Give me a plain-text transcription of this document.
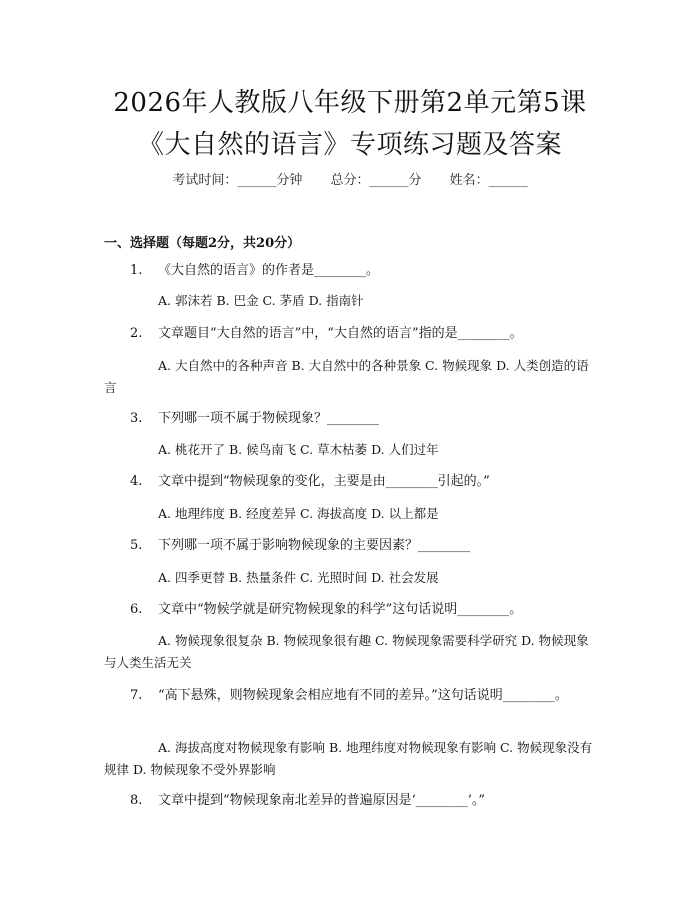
2026年人教版八年级下册第2单元第5课
《大自然的语言》专项练习题及答案
考试时间：______分钟 总分：______分 姓名：______
一、选择题（每题2分，共20分）
1. 《大自然的语言》的作者是________。
A. 郭沫若 B. 巴金 C. 茅盾 D. 指南针
2. 文章题目“大自然的语言”中，“大自然的语言”指的是________。
A. 大自然中的各种声音 B. 大自然中的各种景象 C. 物候现象 D. 人类创造的语言
3. 下列哪一项不属于物候现象？________
A. 桃花开了 B. 候鸟南飞 C. 草木枯萎 D. 人们过年
4. 文章中提到“物候现象的变化，主要是由________引起的。”
A. 地理纬度 B. 经度差异 C. 海拔高度 D. 以上都是
5. 下列哪一项不属于影响物候现象的主要因素？________
A. 四季更替 B. 热量条件 C. 光照时间 D. 社会发展
6. 文章中“物候学就是研究物候现象的科学”这句话说明________。
A. 物候现象很复杂 B. 物候现象很有趣 C. 物候现象需要科学研究 D. 物候现象与人类生活无关
7. “高下悬殊，则物候现象会相应地有不同的差异。”这句话说明________。
A. 海拔高度对物候现象有影响 B. 地理纬度对物候现象有影响 C. 物候现象没有规律 D. 物候现象不受外界影响
8. 文章中提到“物候现象南北差异的普遍原因是‘________’。”
